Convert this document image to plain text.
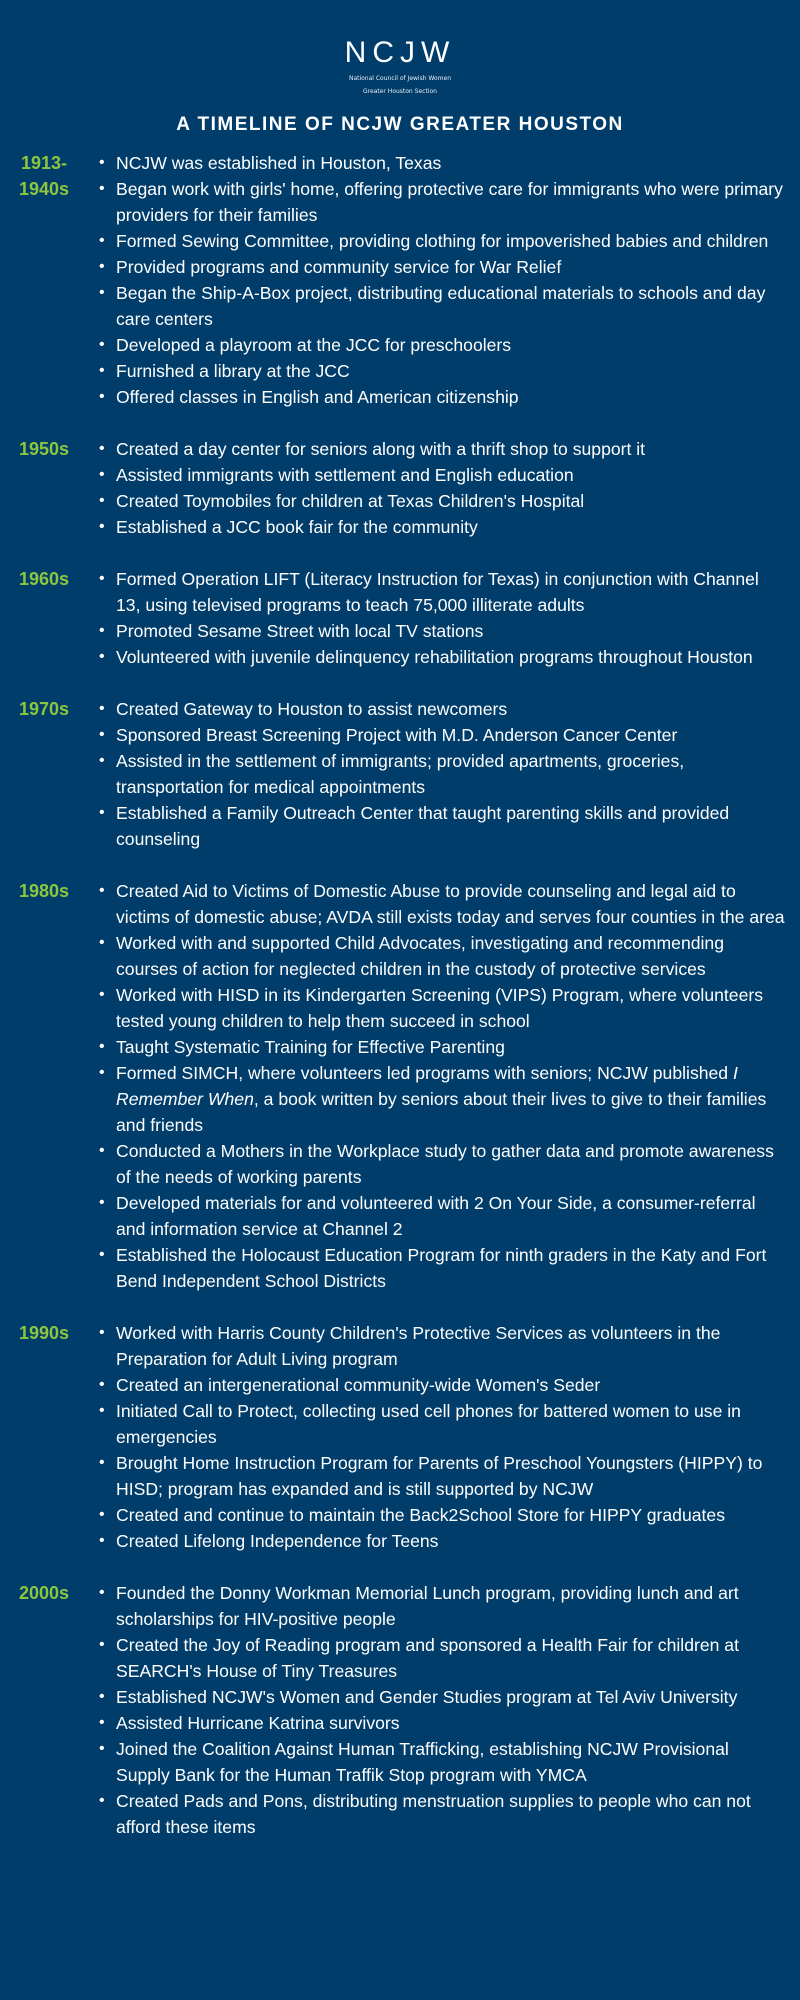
NCJW
National Council of Jewish Women
Greater Houston Section
A TIMELINE OF NCJW GREATER HOUSTON
1913-
1940s
• NCJW was established in Houston, Texas
• Began work with girls' home, offering protective care for immigrants who were primary providers for their families
• Formed Sewing Committee, providing clothing for impoverished babies and children
• Provided programs and community service for War Relief
• Began the Ship-A-Box project, distributing educational materials to schools and day care centers
• Developed a playroom at the JCC for preschoolers
• Furnished a library at the JCC
• Offered classes in English and American citizenship
1950s	• Created a day center for seniors along with a thrift shop to support it
• Assisted immigrants with settlement and English education
• Created Toymobiles for children at Texas Children's Hospital
• Established a JCC book fair for the community
1960s	• Formed Operation LIFT (Literacy Instruction for Texas) in conjunction with Channel 13, using televised programs to teach 75,000 illiterate adults
• Promoted Sesame Street with local TV stations
• Volunteered with juvenile delinquency rehabilitation programs throughout Houston
1970s	• Created Gateway to Houston to assist newcomers
• Sponsored Breast Screening Project with M.D. Anderson Cancer Center
• Assisted in the settlement of immigrants; provided apartments, groceries, transportation for medical appointments
• Established a Family Outreach Center that taught parenting skills and provided counseling
1980s	• Created Aid to Victims of Domestic Abuse to provide counseling and legal aid to victims of domestic abuse; AVDA still exists today and serves four counties in the area
• Worked with and supported Child Advocates, investigating and recommending courses of action for neglected children in the custody of protective services
• Worked with HISD in its Kindergarten Screening (VIPS) Program, where volunteers tested young children to help them succeed in school
• Taught Systematic Training for Effective Parenting
• Formed SIMCH, where volunteers led programs with seniors; NCJW published I Remember When, a book written by seniors about their lives to give to their families and friends
• Conducted a Mothers in the Workplace study to gather data and promote awareness of the needs of working parents
• Developed materials for and volunteered with 2 On Your Side, a consumer-referral and information service at Channel 2
• Established the Holocaust Education Program for ninth graders in the Katy and Fort Bend Independent School Districts
1990s	• Worked with Harris County Children's Protective Services as volunteers in the Preparation for Adult Living program
• Created an intergenerational community-wide Women's Seder
• Initiated Call to Protect, collecting used cell phones for battered women to use in emergencies
• Brought Home Instruction Program for Parents of Preschool Youngsters (HIPPY) to HISD; program has expanded and is still supported by NCJW
• Created and continue to maintain the Back2School Store for HIPPY graduates
• Created Lifelong Independence for Teens
2000s	• Founded the Donny Workman Memorial Lunch program, providing lunch and art scholarships for HIV-positive people
• Created the Joy of Reading program and sponsored a Health Fair for children at SEARCH's House of Tiny Treasures
• Established NCJW's Women and Gender Studies program at Tel Aviv University
• Assisted Hurricane Katrina survivors
• Joined the Coalition Against Human Trafficking, establishing NCJW Provisional Supply Bank for the Human Traffik Stop program with YMCA
• Created Pads and Pons, distributing menstruation supplies to people who can not afford these items
